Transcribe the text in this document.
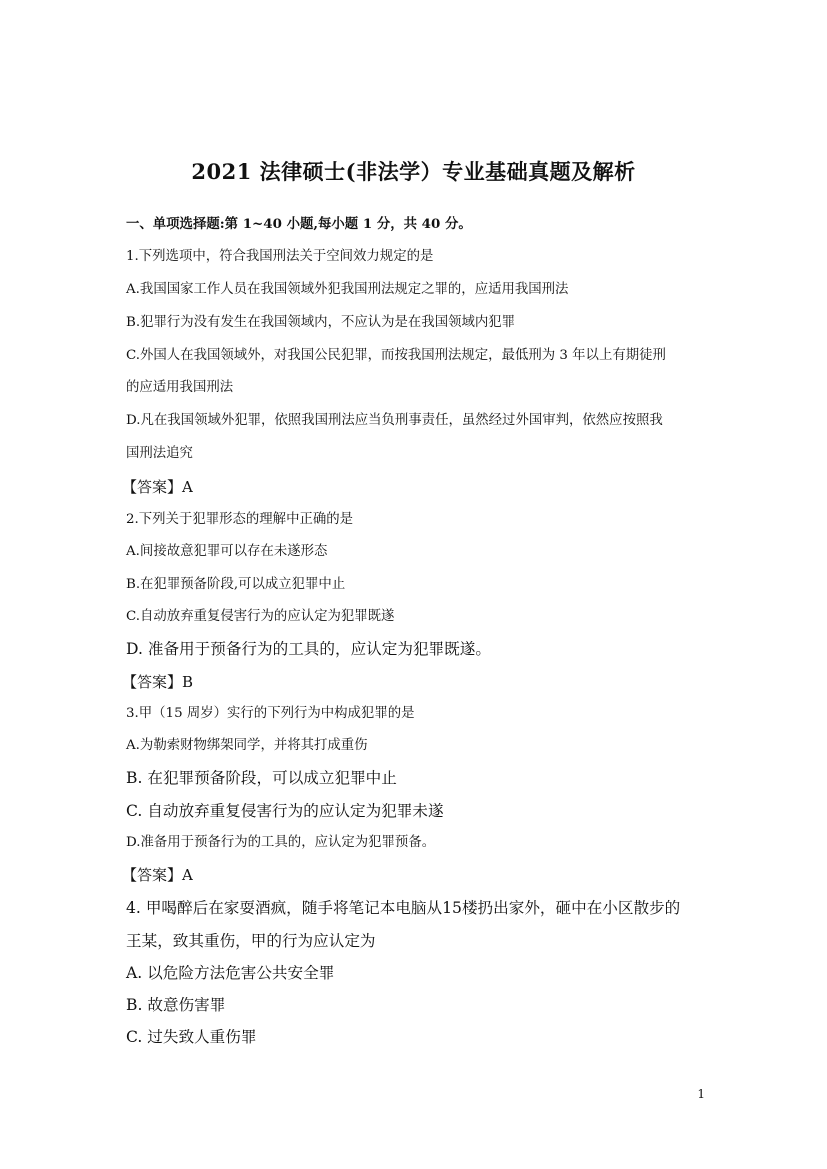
2021 法律硕士(非法学）专业基础真题及解析
一、单项选择题:第 1~40 小题,每小题 1 分，共 40 分。
1.下列选项中，符合我国刑法关于空间效力规定的是
A.我国国家工作人员在我国领域外犯我国刑法规定之罪的，应适用我国刑法
B.犯罪行为没有发生在我国领域内，不应认为是在我国领域内犯罪
C.外国人在我国领域外，对我国公民犯罪，而按我国刑法规定，最低刑为 3 年以上有期徒刑
的应适用我国刑法
D.凡在我国领域外犯罪，依照我国刑法应当负刑事责任，虽然经过外国审判，依然应按照我
国刑法追究
【答案】A
2.下列关于犯罪形态的理解中正确的是
A.间接故意犯罪可以存在未遂形态
B.在犯罪预备阶段,可以成立犯罪中止
C.自动放弃重复侵害行为的应认定为犯罪既遂
D. 准备用于预备行为的工具的，应认定为犯罪既遂。
【答案】B
3.甲（15 周岁）实行的下列行为中构成犯罪的是
A.为勒索财物绑架同学，并将其打成重伤
B. 在犯罪预备阶段，可以成立犯罪中止
C. 自动放弃重复侵害行为的应认定为犯罪未遂
D.准备用于预备行为的工具的，应认定为犯罪预备。
【答案】A
4. 甲喝醉后在家耍酒疯，随手将笔记本电脑从15楼扔出家外，砸中在小区散步的
王某，致其重伤，甲的行为应认定为
A. 以危险方法危害公共安全罪
B. 故意伤害罪
C. 过失致人重伤罪
1
